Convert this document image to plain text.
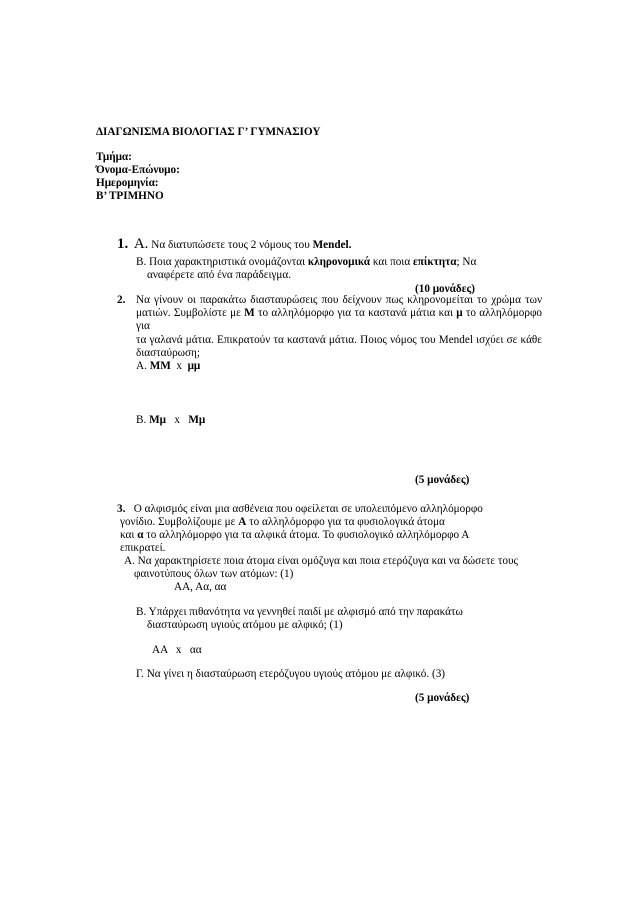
ΔΙΑΓΩΝΙΣΜΑ ΒΙΟΛΟΓΙΑΣ Γ’ ΓΥΜΝΑΣΙΟΥ
Τμήμα:
Όνομα-Επώνυμο:
Ημερομηνία:
Β’ ΤΡΙΜΗΝΟ
1. Α. Να διατυπώσετε τους 2 νόμους του Mendel.
Β. Ποια χαρακτηριστικά ονομάζονται κληρονομικά και ποια επίκτητα; Να
αναφέρετε από ένα παράδειγμα.
(10 μονάδες)
2. Να γίνουν οι παρακάτω διασταυρώσεις που δείχνουν πως κληρονομείται το χρώμα των
ματιών. Συμβολίστε με Μ το αλληλόμορφο για τα καστανά μάτια και μ το αλληλόμορφο για
τα γαλανά μάτια. Επικρατούν τα καστανά μάτια. Ποιος νόμος του Mendel ισχύει σε κάθε
διασταύρωση;
Α. ΜΜ  x  μμ
Β. Μμ   x   Μμ
(5 μονάδες)
3. Ο αλφισμός είναι μια ασθένεια που οφείλεται σε υπολειπόμενο αλληλόμορφο
γονίδιο. Συμβολίζουμε με Α το αλληλόμορφο για τα φυσιολογικά άτομα
και α το αλληλόμορφο για τα αλφικά άτομα. Το φυσιολογικό αλληλόμορφο Α
επικρατεί.
Α. Να χαρακτηρίσετε ποια άτομα είναι ομόζυγα και ποια ετερόζυγα και να δώσετε τους
φαινοτύπους όλων των ατόμων: (1)
ΑΑ, Αα, αα
Β. Υπάρχει πιθανότητα να γεννηθεί παιδί με αλφισμό από την παρακάτω
διασταύρωση υγιούς ατόμου με αλφικό; (1)
ΑΑ   x   αα
Γ. Να γίνει η διασταύρωση ετερόζυγου υγιούς ατόμου με αλφικό. (3)
(5 μονάδες)
